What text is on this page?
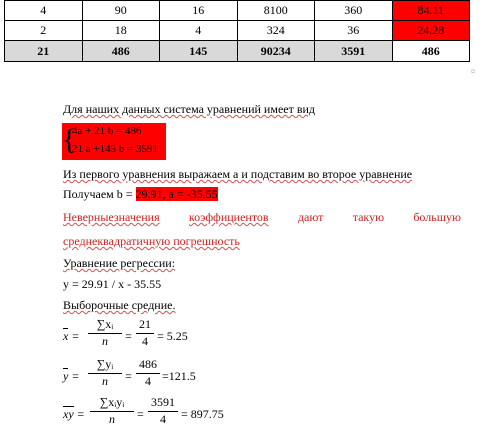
4	90	16	8100	360	84.11
2	18	4	324	36	24.28
21	486	145	90234	3591	486
¤
Для наших данных система уравнений имеет вид
{
4a + 21 b = 486
21 a +145 b = 3591
Из первого уравнения выражаем a и подставим во второе уравнение
Получаем b = 29.91, a = -35.55
Неверныезначения коэффициентов дают такую большую
среднеквадратичную погрешность
Уравнение регрессии:
y = 29.91 / x - 35.55
Выборочные средние.
$x = \frac{\text{∑xᵢ}}{n} = \frac{21}{4} = 5.25$
$y = \frac{\text{∑yᵢ}}{n} = \frac{486}{4} =121.5$
xy =
∑xᵢyᵢ
n	= $\frac{3591}{4} = 897.75$
